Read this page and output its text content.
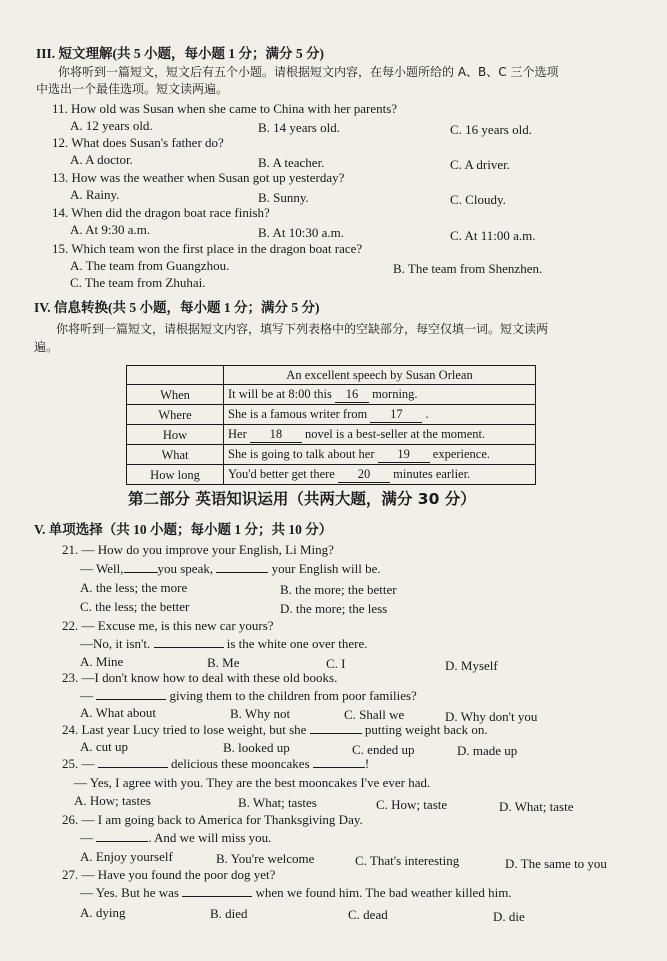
III. 短文理解(共 5 小题，每小题 1 分；满分 5 分)
你将听到一篇短文，短文后有五个小题。请根据短文内容，在每小题所给的 A、B、C 三个选项
中选出一个最佳选项。短文读两遍。
11. How old was Susan when she came to China with her parents?
A. 12 years old.	B. 14 years old.	C. 16 years old.
12. What does Susan's father do?
A. A doctor.	B. A teacher.	C. A driver.
13. How was the weather when Susan got up yesterday?
A. Rainy.	B. Sunny.	C. Cloudy.
14. When did the dragon boat race finish?
A. At 9:30 a.m.	B. At 10:30 a.m.	C. At 11:00 a.m.
15. Which team won the first place in the dragon boat race?
A. The team from Guangzhou.	B. The team from Shenzhen.
C. The team from Zhuhai.
IV. 信息转换(共 5 小题，每小题 1 分；满分 5 分)
你将听到一篇短文，请根据短文内容，填写下列表格中的空缺部分，每空仅填一词。短文读两
遍。
	An excellent speech by Susan Orlean
When	It will be at 8:00 this 16 morning.
Where	She is a famous writer from 17 .
How	Her 18 novel is a best-seller at the moment.
What	She is going to talk about her 19 experience.
How long	You'd better get there 20 minutes earlier.
第二部分 英语知识运用（共两大题，满分 30 分）
V. 单项选择（共 10 小题；每小题 1 分；共 10 分）
21. — How do you improve your English, Li Ming?
— Well,	you speak,	your English will be.
A. the less; the more	B. the more; the better
C. the less; the better	D. the more; the less
22. — Excuse me, is this new car yours?
—No, it isn't.	is the white one over there.
A. Mine	B. Me	C. I	D. Myself
23. —I don't know how to deal with these old books.
—	giving them to the children from poor families?
A. What about	B. Why not	C. Shall we	D. Why don't you
24. Last year Lucy tried to lose weight, but she	putting weight back on.
A. cut up	B. looked up	C. ended up	D. made up
25. —	delicious these mooncakes	!
— Yes, I agree with you. They are the best mooncakes I've ever had.
A. How; tastes	B. What; tastes	C. How; taste	D. What; taste
26. — I am going back to America for Thanksgiving Day.
—	. And we will miss you.
A. Enjoy yourself	B. You're welcome	C. That's interesting	D. The same to you
27. — Have you found the poor dog yet?
— Yes. But he was	when we found him. The bad weather killed him.
A. dying	B. died	C. dead	D. die
